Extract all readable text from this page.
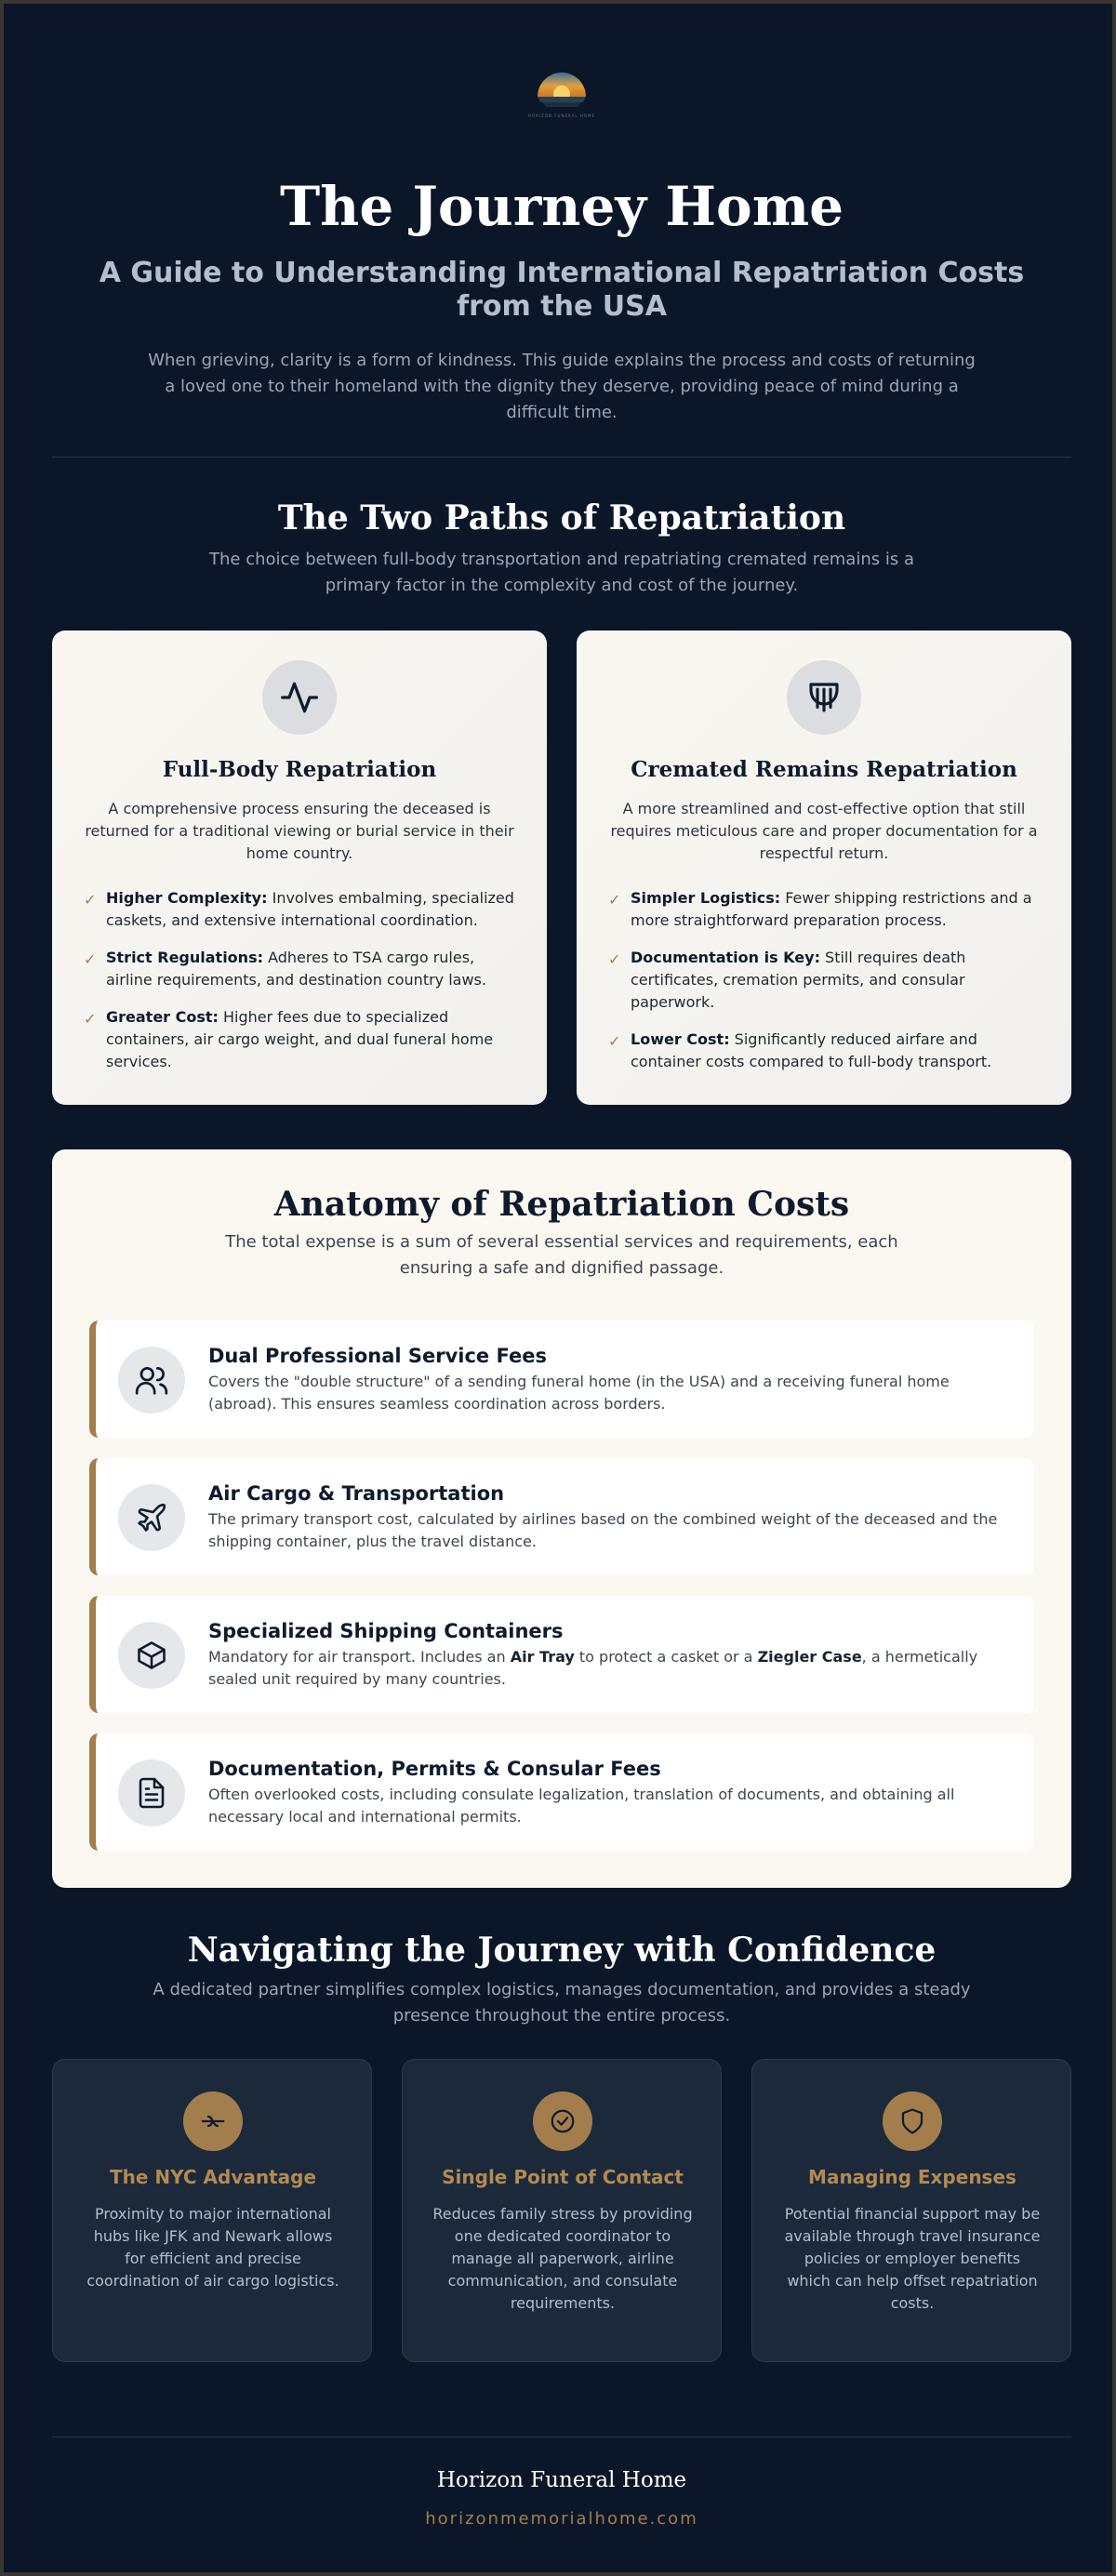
HORIZON FUNERAL HOME
The Journey Home
A Guide to Understanding International Repatriation Costs from the USA

When grieving, clarity is a form of kindness. This guide explains the process and costs of returning a loved one to their homeland with the dignity they deserve, providing peace of mind during a difficult time.

The Two Paths of Repatriation

The choice between full-body transportation and repatriating cremated remains is a primary factor in the complexity and cost of the journey.

Full-Body Repatriation

A comprehensive process ensuring the deceased is returned for a traditional viewing or burial service in their home country.

✓ Higher Complexity: Involves embalming, specialized caskets, and extensive international coordination.
✓ Strict Regulations: Adheres to TSA cargo rules, airline requirements, and destination country laws.
✓ Greater Cost: Higher fees due to specialized containers, air cargo weight, and dual funeral home services.
Cremated Remains Repatriation

A more streamlined and cost-effective option that still requires meticulous care and proper documentation for a respectful return.

✓ Simpler Logistics: Fewer shipping restrictions and a more straightforward preparation process.
✓ Documentation is Key: Still requires death certificates, cremation permits, and consular paperwork.
✓ Lower Cost: Significantly reduced airfare and container costs compared to full-body transport.
Anatomy of Repatriation Costs

The total expense is a sum of several essential services and requirements, each ensuring a safe and dignified passage.

Dual Professional Service Fees
Covers the "double structure" of a sending funeral home (in the USA) and a receiving funeral home (abroad). This ensures seamless coordination across borders.
Air Cargo & Transportation
The primary transport cost, calculated by airlines based on the combined weight of the deceased and the shipping container, plus the travel distance.
Specialized Shipping Containers
Mandatory for air transport. Includes an Air Tray to protect a casket or a Ziegler Case, a hermetically sealed unit required by many countries.
Documentation, Permits & Consular Fees
Often overlooked costs, including consulate legalization, translation of documents, and obtaining all necessary local and international permits.
Navigating the Journey with Confidence

A dedicated partner simplifies complex logistics, manages documentation, and provides a steady presence throughout the entire process.

The NYC Advantage

Proximity to major international hubs like JFK and Newark allows for efficient and precise coordination of air cargo logistics.

Single Point of Contact

Reduces family stress by providing one dedicated coordinator to manage all paperwork, airline communication, and consulate requirements.

Managing Expenses

Potential financial support may be available through travel insurance policies or employer benefits which can help offset repatriation costs.

Horizon Funeral Home
horizonmemorialhome.com
